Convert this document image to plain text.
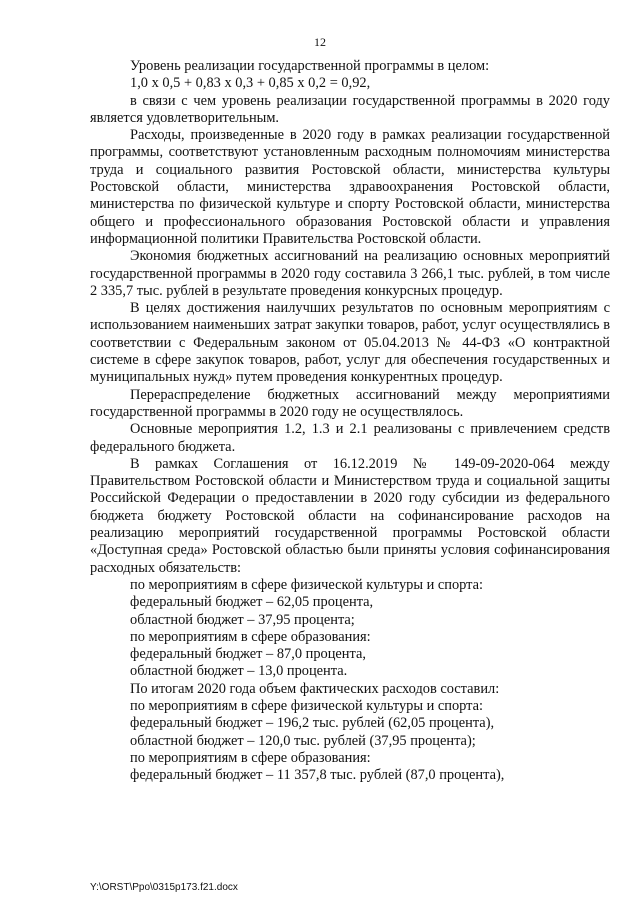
12

Уровень реализации государственной программы в целом:

1,0 х 0,5 + 0,83 х 0,3 + 0,85 х 0,2 = 0,92,

в связи с чем уровень реализации государственной программы в 2020 году является удовлетворительным.

Расходы, произведенные в 2020 году в рамках реализации государственной программы, соответствуют установленным расходным полномочиям министерства труда и социального развития Ростовской области, министерства культуры Ростовской области, министерства здравоохранения Ростовской области, министерства по физической культуре и спорту Ростовской области, министерства общего и профессионального образования Ростовской области и управления информационной политики Правительства Ростовской области.

Экономия бюджетных ассигнований на реализацию основных мероприятий государственной программы в 2020 году составила 3 266,1 тыс. рублей, в том числе 2 335,7 тыс. рублей в результате проведения конкурсных процедур.

В целях достижения наилучших результатов по основным мероприятиям с использованием наименьших затрат закупки товаров, работ, услуг осуществлялись в соответствии с Федеральным законом от 05.04.2013 № 44-ФЗ «О контрактной системе в сфере закупок товаров, работ, услуг для обеспечения государственных и муниципальных нужд» путем проведения конкурентных процедур.

Перераспределение бюджетных ассигнований между мероприятиями государственной программы в 2020 году не осуществлялось.

Основные мероприятия 1.2, 1.3 и 2.1 реализованы с привлечением средств федерального бюджета.

В рамках Соглашения от 16.12.2019 № 149-09-2020-064 между Правительством Ростовской области и Министерством труда и социальной защиты Российской Федерации о предоставлении в 2020 году субсидии из федерального бюджета бюджету Ростовской области на софинансирование расходов на реализацию мероприятий государственной программы Ростовской области «Доступная среда» Ростовской областью были приняты условия софинансирования расходных обязательств:

по мероприятиям в сфере физической культуры и спорта:

федеральный бюджет – 62,05 процента,

областной бюджет – 37,95 процента;

по мероприятиям в сфере образования:

федеральный бюджет – 87,0 процента,

областной бюджет – 13,0 процента.

По итогам 2020 года объем фактических расходов составил:

по мероприятиям в сфере физической культуры и спорта:

федеральный бюджет – 196,2 тыс. рублей (62,05 процента),

областной бюджет – 120,0 тыс. рублей (37,95 процента);

по мероприятиям в сфере образования:

федеральный бюджет – 11 357,8 тыс. рублей (87,0 процента),

Y:\ORST\Ppo\0315p173.f21.docx
